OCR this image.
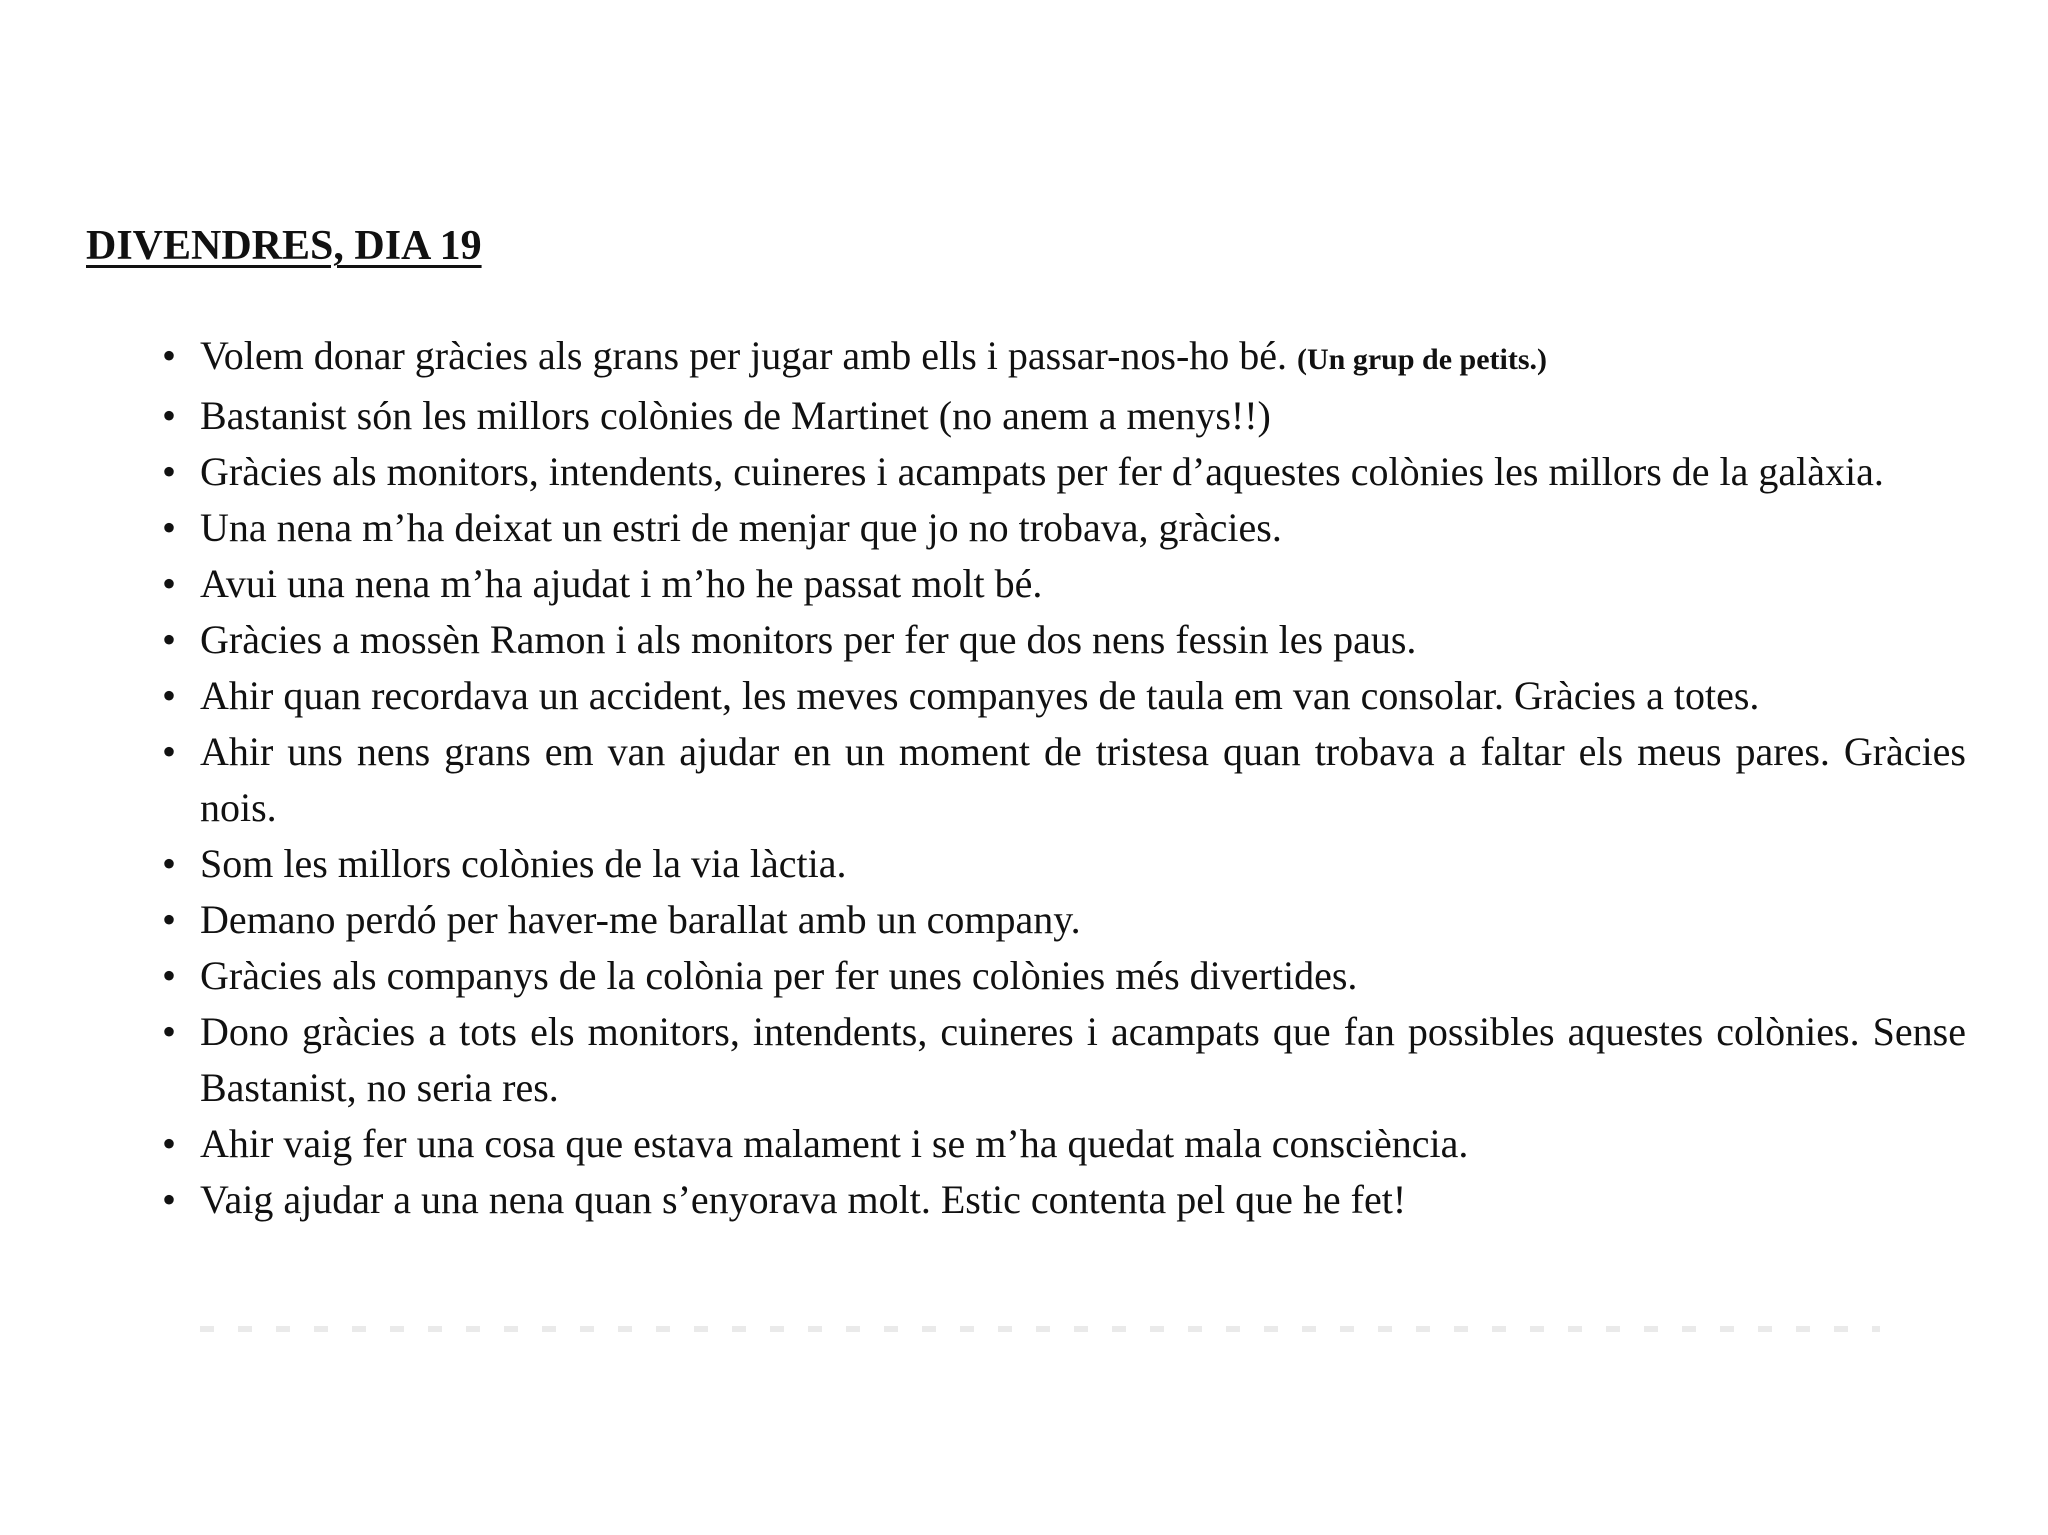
DIVENDRES, DIA 19
• Volem donar gràcies als grans per jugar amb ells i passar-nos-ho bé. (Un grup de petits.)
• Bastanist són les millors colònies de Martinet (no anem a menys!!)
• Gràcies als monitors, intendents, cuineres i acampats per fer d’aquestes colònies les millors de la galàxia.
• Una nena m’ha deixat un estri de menjar que jo no trobava, gràcies.
• Avui una nena m’ha ajudat i m’ho he passat molt bé.
• Gràcies a mossèn Ramon i als monitors per fer que dos nens fessin les paus.
• Ahir quan recordava un accident, les meves companyes de taula em van consolar. Gràcies a totes.
• Ahir uns nens grans em van ajudar en un moment de tristesa quan trobava a faltar els meus pares. Gràcies nois.
• Som les millors colònies de la via làctia.
• Demano perdó per haver-me barallat amb un company.
• Gràcies als companys de la colònia per fer unes colònies més divertides.
• Dono gràcies a tots els monitors, intendents, cuineres i acampats que fan possibles aquestes colònies. Sense Bastanist, no seria res.
• Ahir vaig fer una cosa que estava malament i se m’ha quedat mala consciència.
• Vaig ajudar a una nena quan s’enyorava molt. Estic contenta pel que he fet!
